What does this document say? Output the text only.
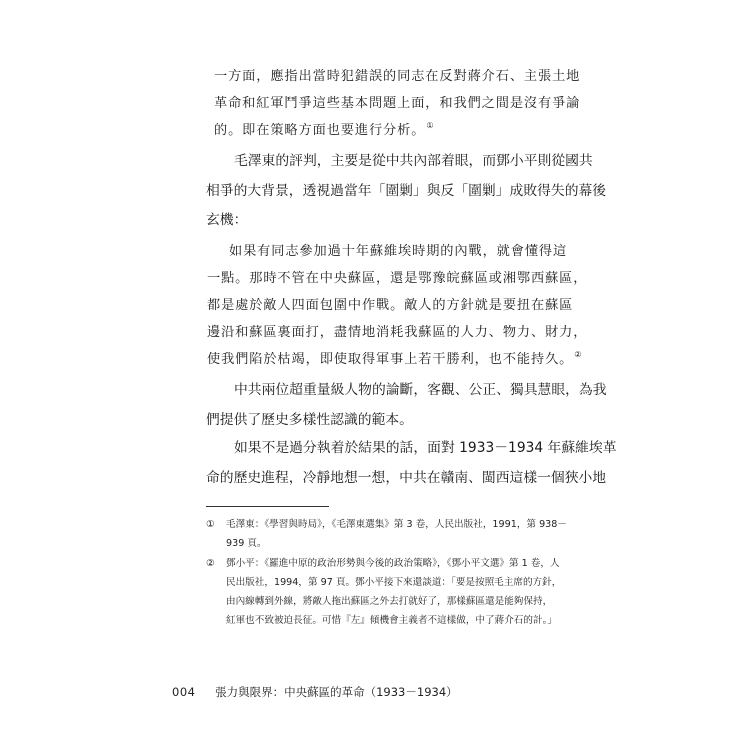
一方面，應指出當時犯錯誤的同志在反對蔣介石、主張土地
革命和紅軍鬥爭這些基本問題上面，和我們之間是沒有爭論
的。即在策略方面也要進行分析。①
毛澤東的評判，主要是從中共內部着眼，而鄧小平則從國共
相爭的大背景，透視過當年「圍剿」與反「圍剿」成敗得失的幕後
玄機：
如果有同志參加過十年蘇維埃時期的內戰，就會懂得這
一點。那時不管在中央蘇區，還是鄂豫皖蘇區或湘鄂西蘇區，
都是處於敵人四面包圍中作戰。敵人的方針就是要扭在蘇區
邊沿和蘇區裏面打，盡情地消耗我蘇區的人力、物力、財力，
使我們陷於枯竭，即使取得軍事上若干勝利，也不能持久。②
中共兩位超重量級人物的論斷，客觀、公正、獨具慧眼，為我
們提供了歷史多樣性認識的範本。
如果不是過分執着於結果的話，面對 1933－1934 年蘇維埃革
命的歷史進程，冷靜地想一想，中共在贛南、閩西這樣一個狹小地
① 毛澤東：《學習與時局》，《毛澤東選集》第 3 卷，人民出版社，1991，第 938－
939 頁。
② 鄧小平：《羅進中原的政治形勢與今後的政治策略》，《鄧小平文選》第 1 卷，人
民出版社，1994，第 97 頁。鄧小平接下來還談道：「要是按照毛主席的方針，
由內線轉到外線，將敵人拖出蘇區之外去打就好了，那樣蘇區還是能夠保持，
紅軍也不致被迫長征。可惜『左』傾機會主義者不這樣做，中了蔣介石的計。」
004 張力與限界：中央蘇區的革命（1933－1934）
